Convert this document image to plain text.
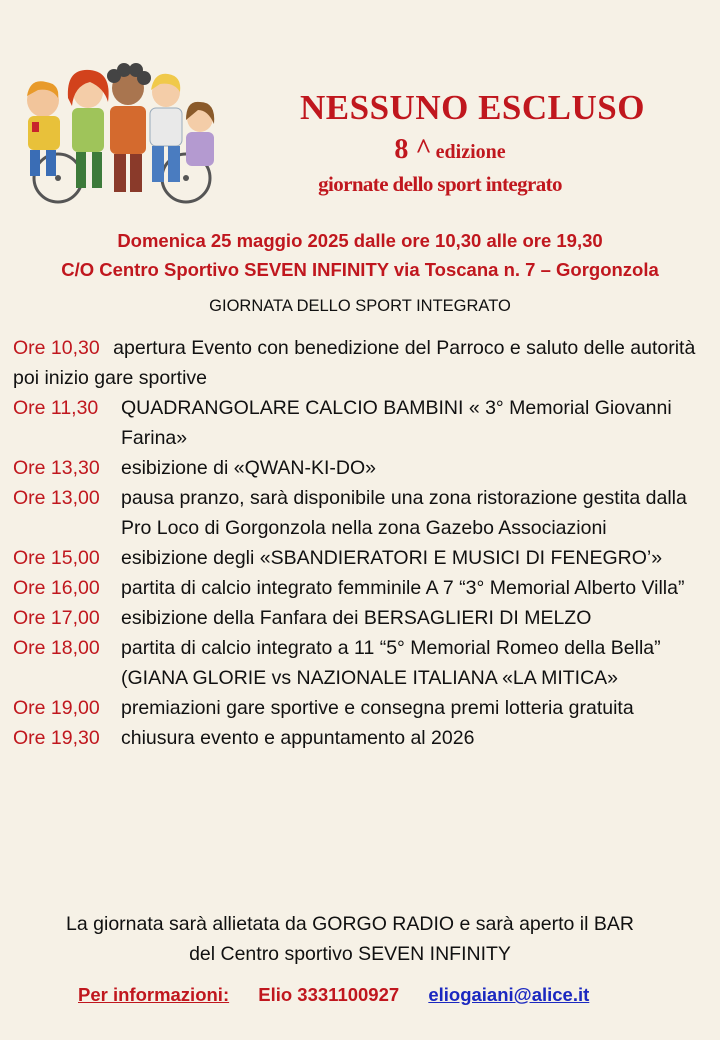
NESSUNO ESCLUSO
8 ^ edizione
giornate dello sport integrato
Domenica 25 maggio 2025 dalle ore 10,30 alle ore 19,30
C/O Centro Sportivo SEVEN INFINITY via Toscana n. 7 – Gorgonzola
GIORNATA DELLO SPORT INTEGRATO
Ore 10,30 apertura Evento con benedizione del Parroco e saluto delle autorità poi inizio gare sportive
Ore 11,30	QUADRANGOLARE CALCIO BAMBINI « 3° Memorial Giovanni Farina»
Ore 13,30	esibizione di «QWAN-KI-DO»
Ore 13,00	pausa pranzo, sarà disponibile una zona ristorazione gestita dalla Pro Loco di Gorgonzola nella zona Gazebo Associazioni
Ore 15,00	esibizione degli «SBANDIERATORI E MUSICI DI FENEGRO’»
Ore 16,00	partita di calcio integrato femminile A 7 “3° Memorial Alberto Villa”
Ore 17,00	esibizione della Fanfara dei BERSAGLIERI DI MELZO
Ore 18,00	partita di calcio integrato a 11 “5° Memorial Romeo della Bella” (GIANA GLORIE vs NAZIONALE ITALIANA «LA MITICA»
Ore 19,00	premiazioni gare sportive e consegna premi lotteria gratuita
Ore 19,30	chiusura evento e appuntamento al 2026
La giornata sarà allietata da GORGO RADIO e sarà aperto il BAR
del Centro sportivo SEVEN INFINITY
Per informazioni: Elio 3331100927 eliogaiani@alice.it
